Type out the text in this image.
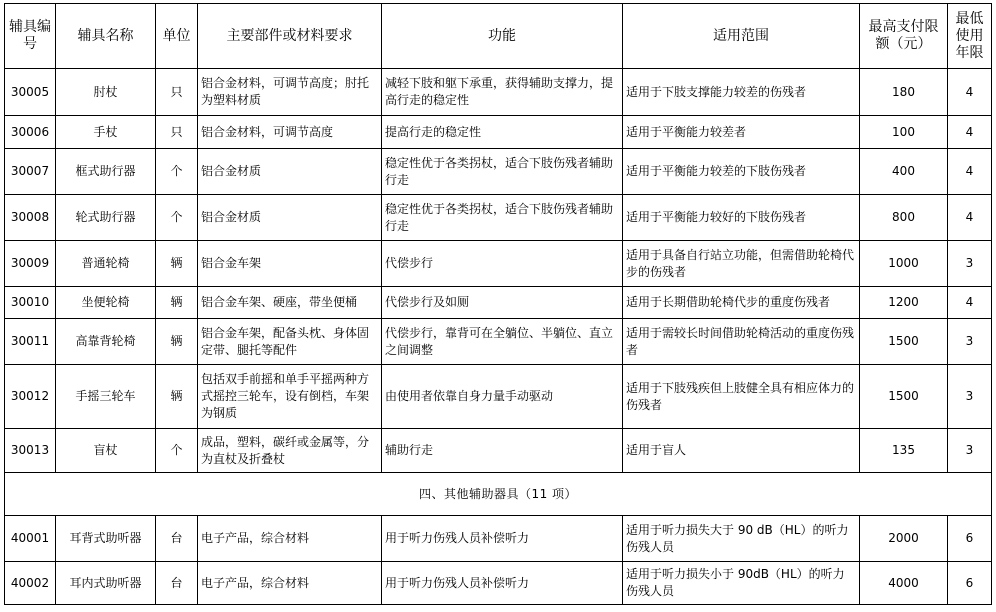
辅具编号	辅具名称	单位	主要部件或材料要求	功能	适用范围	最高支付限额（元）	最低使用年限
30005	肘杖	只	铝合金材料，可调节高度；肘托为塑料材质	减轻下肢和躯下承重，获得辅助支撑力，提高行走的稳定性	适用于下肢支撑能力较差的伤残者	180	4
30006	手杖	只	铝合金材料，可调节高度	提高行走的稳定性	适用于平衡能力较差者	100	4
30007	框式助行器	个	铝合金材质	稳定性优于各类拐杖，适合下肢伤残者辅助行走	适用于平衡能力较差的下肢伤残者	400	4
30008	轮式助行器	个	铝合金材质	稳定性优于各类拐杖，适合下肢伤残者辅助行走	适用于平衡能力较好的下肢伤残者	800	4
30009	普通轮椅	辆	铝合金车架	代偿步行	适用于具备自行站立功能，但需借助轮椅代步的伤残者	1000	3
30010	坐便轮椅	辆	铝合金车架、硬座，带坐便桶	代偿步行及如厕	适用于长期借助轮椅代步的重度伤残者	1200	4
30011	高靠背轮椅	辆	铝合金车架，配备头枕、身体固定带、腿托等配件	代偿步行，靠背可在全躺位、半躺位、直立之间调整	适用于需较长时间借助轮椅活动的重度伤残者	1500	3
30012	手摇三轮车	辆	包括双手前摇和单手平摇两种方式摇控三轮车，设有倒档，车架为钢质	由使用者依靠自身力量手动驱动	适用于下肢残疾但上肢健全具有相应体力的伤残者	1500	3
30013	盲杖	个	成品，塑料，碳纤或金属等，分为直杖及折叠杖	辅助行走	适用于盲人	135	3
四、其他辅助器具（11 项）							
40001	耳背式助听器	台	电子产品，综合材料	用于听力伤残人员补偿听力	适用于听力损失大于 90 dB（HL）的听力伤残人员	2000	6
40002	耳内式助听器	台	电子产品，综合材料	用于听力伤残人员补偿听力	适用于听力损失小于 90dB（HL）的听力伤残人员	4000	6
